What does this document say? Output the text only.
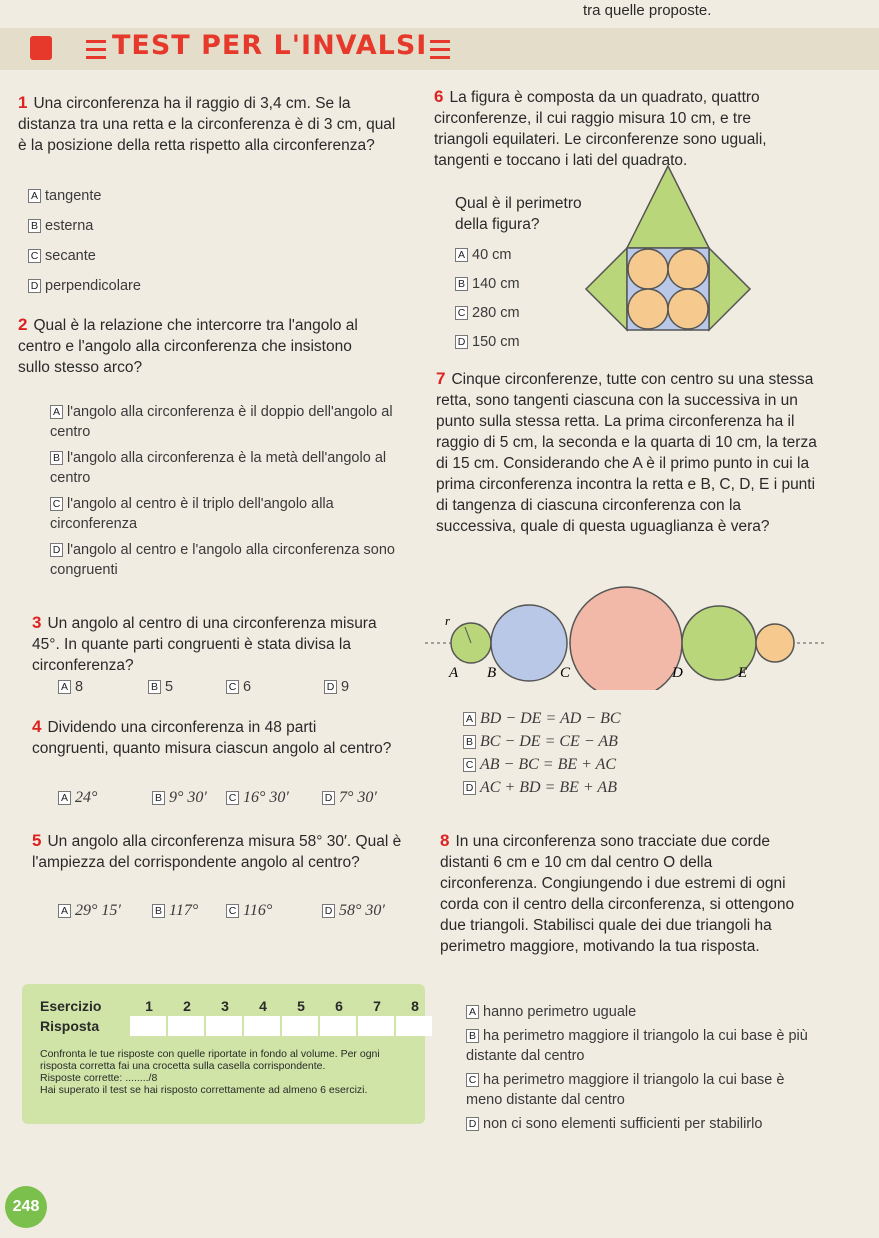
tra quelle proposte.
TEST PER L'INVALSI
1 Una circonferenza ha il raggio di 3,4 cm. Se la distanza tra una retta e la circonferenza è di 3 cm, qual è la posizione della retta rispetto alla circonferenza?
A tangente
B esterna
C secante
D perpendicolare
2 Qual è la relazione che intercorre tra l'angolo al centro e l'angolo alla circonferenza che insistono sullo stesso arco?
A l'angolo alla circonferenza è il doppio dell'angolo al centro
B l'angolo alla circonferenza è la metà dell'angolo al centro
C l'angolo al centro è il triplo dell'angolo alla circonferenza
D l'angolo al centro e l'angolo alla circonferenza sono congruenti
3 Un angolo al centro di una circonferenza misura 45°. In quante parti congruenti è stata divisa la circonferenza?
A 8	B 5	C 6	D 9
4 Dividendo una circonferenza in 48 parti congruenti, quanto misura ciascun angolo al centro?
A 24°	B 9° 30′ C 16° 30′	D 7° 30′
5 Un angolo alla circonferenza misura 58° 30′. Qual è l'ampiezza del corrispondente angolo al centro?
A 29° 15′	B 117°	C 116°	D 58° 30′
6 La figura è composta da un quadrato, quattro circonferenze, il cui raggio misura 10 cm, e tre triangoli equilateri. Le circonferenze sono uguali, tangenti e toccano i lati del quadrato.
Qual è il perimetro della figura?
A 40 cm
B 140 cm
C 280 cm
D 150 cm
7 Cinque circonferenze, tutte con centro su una stessa retta, sono tangenti ciascuna con la successiva in un punto sulla stessa retta. La prima circonferenza ha il raggio di 5 cm, la seconda e la quarta di 10 cm, la terza di 15 cm. Considerando che A è il primo punto in cui la prima circonferenza incontra la retta e B, C, D, E i punti di tangenza di ciascuna circonferenza con la successiva, quale di questa uguaglianza è vera?
r
A B	C	D	E
A BD − DE = AD − BC
B BC − DE = CE − AB
C AB − BC = BE + AC
D AC + BD = BE + AB
8 In una circonferenza sono tracciate due corde distanti 6 cm e 10 cm dal centro O della circonferenza. Congiungendo i due estremi di ogni corda con il centro della circonferenza, si ottengono due triangoli. Stabilisci quale dei due triangoli ha perimetro maggiore, motivando la tua risposta.
A hanno perimetro uguale
B ha perimetro maggiore il triangolo la cui base è più distante dal centro
C ha perimetro maggiore il triangolo la cui base è meno distante dal centro
D non ci sono elementi sufficienti per stabilirlo
Esercizio	1	2	3	4	5	6	7	8
Risposta
Confronta le tue risposte con quelle riportate in fondo al volume. Per ogni risposta corretta fai una crocetta sulla casella corrispondente.
Risposte corrette: ......../8
Hai superato il test se hai risposto correttamente ad almeno 6 esercizi.
248
